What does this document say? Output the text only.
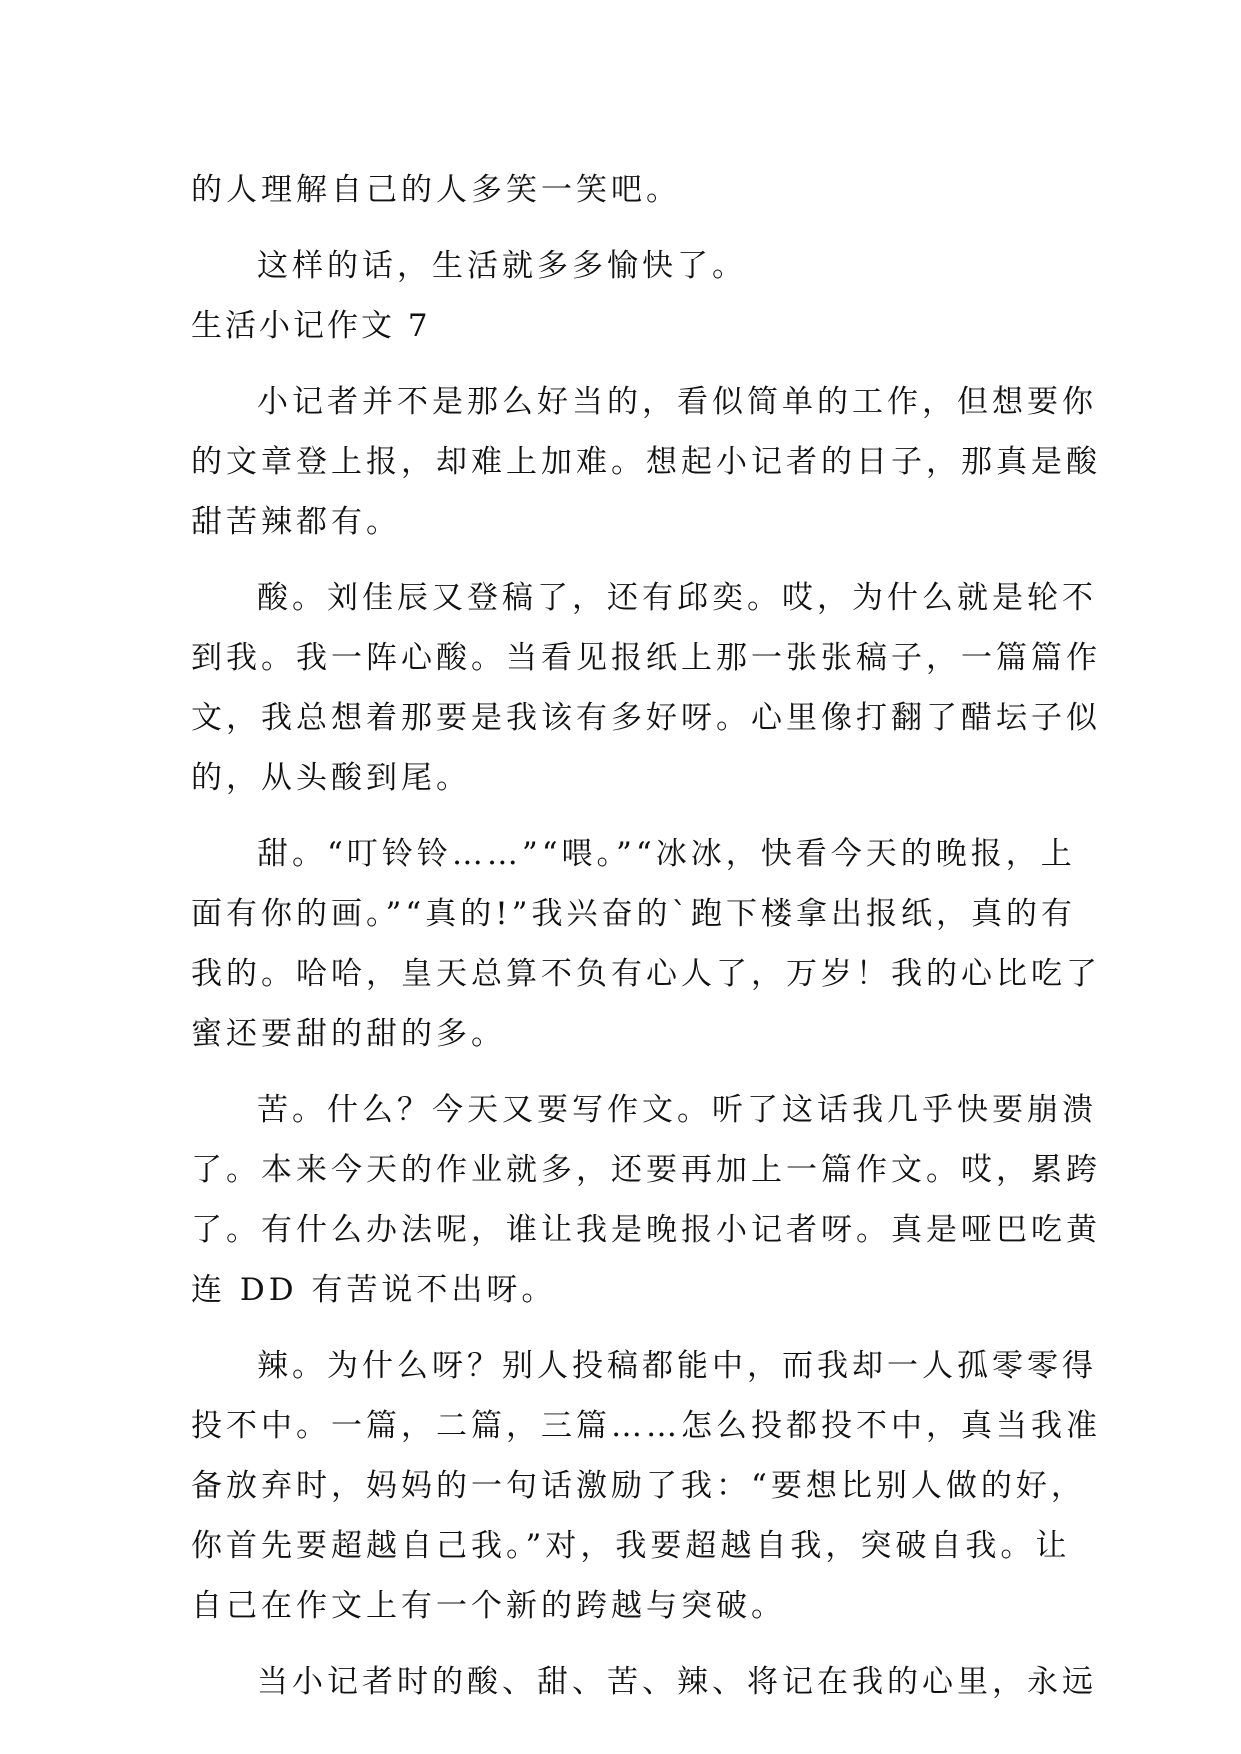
的人理解自己的人多笑一笑吧。
这样的话，生活就多多愉快了。
生活小记作文 7
小记者并不是那么好当的，看似简单的工作，但想要你
的文章登上报，却难上加难。想起小记者的日子，那真是酸
甜苦辣都有。
酸。刘佳辰又登稿了，还有邱奕。哎，为什么就是轮不
到我。我一阵心酸。当看见报纸上那一张张稿子，一篇篇作
文，我总想着那要是我该有多好呀。心里像打翻了醋坛子似
的，从头酸到尾。
甜。“叮铃铃……”“喂。”“冰冰，快看今天的晚报，上
面有你的画。”“真的!”我兴奋的`跑下楼拿出报纸，真的有
我的。哈哈，皇天总算不负有心人了，万岁！我的心比吃了
蜜还要甜的甜的多。
苦。什么？今天又要写作文。听了这话我几乎快要崩溃
了。本来今天的作业就多，还要再加上一篇作文。哎，累跨
了。有什么办法呢，谁让我是晚报小记者呀。真是哑巴吃黄
连 DD 有苦说不出呀。
辣。为什么呀？别人投稿都能中，而我却一人孤零零得
投不中。一篇，二篇，三篇……怎么投都投不中，真当我准
备放弃时，妈妈的一句话激励了我：“要想比别人做的好，
你首先要超越自己我。”对，我要超越自我，突破自我。让
自己在作文上有一个新的跨越与突破。
当小记者时的酸、甜、苦、辣、将记在我的心里，永远
